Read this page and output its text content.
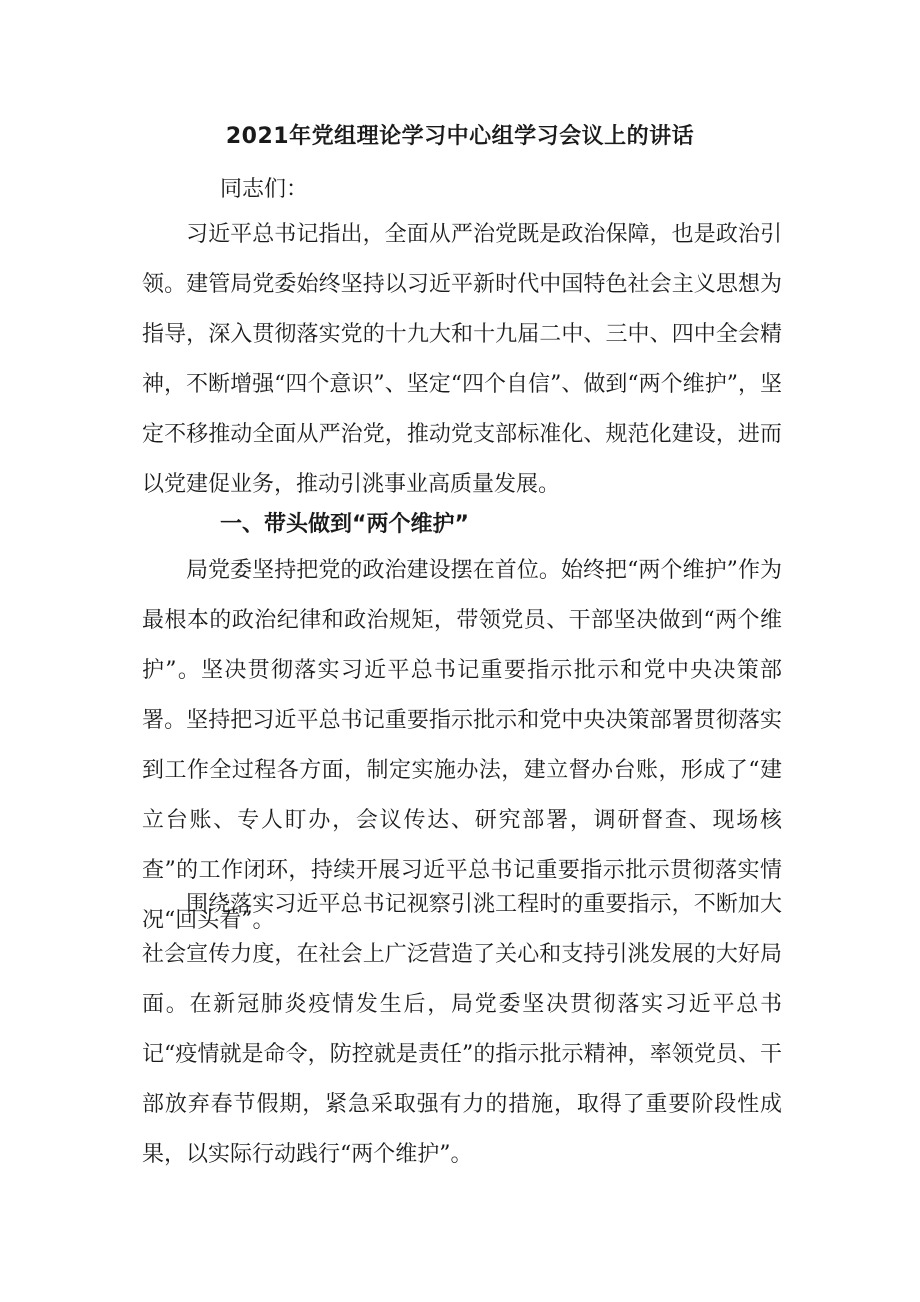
2021年党组理论学习中心组学习会议上的讲话
同志们：

习近平总书记指出，全面从严治党既是政治保障，也是政治引领。建管局党委始终坚持以习近平新时代中国特色社会主义思想为指导，深入贯彻落实党的十九大和十九届二中、三中、四中全会精神，不断增强“四个意识”、坚定“四个自信”、做到“两个维护”，坚定不移推动全面从严治党，推动党支部标准化、规范化建设，进而以党建促业务，推动引洮事业高质量发展。

一、带头做到“两个维护”

局党委坚持把党的政治建设摆在首位。始终把“两个维护”作为最根本的政治纪律和政治规矩，带领党员、干部坚决做到“两个维护”。坚决贯彻落实习近平总书记重要指示批示和党中央决策部署。坚持把习近平总书记重要指示批示和党中央决策部署贯彻落实到工作全过程各方面，制定实施办法，建立督办台账，形成了“建立台账、专人盯办，会议传达、研究部署，调研督查、现场核查”的工作闭环，持续开展习近平总书记重要指示批示贯彻落实情况“回头看”。

围绕落实习近平总书记视察引洮工程时的重要指示，不断加大社会宣传力度，在社会上广泛营造了关心和支持引洮发展的大好局面。在新冠肺炎疫情发生后，局党委坚决贯彻落实习近平总书记“疫情就是命令，防控就是责任”的指示批示精神，率领党员、干部放弃春节假期，紧急采取强有力的措施，取得了重要阶段性成果，以实际行动践行“两个维护”。
